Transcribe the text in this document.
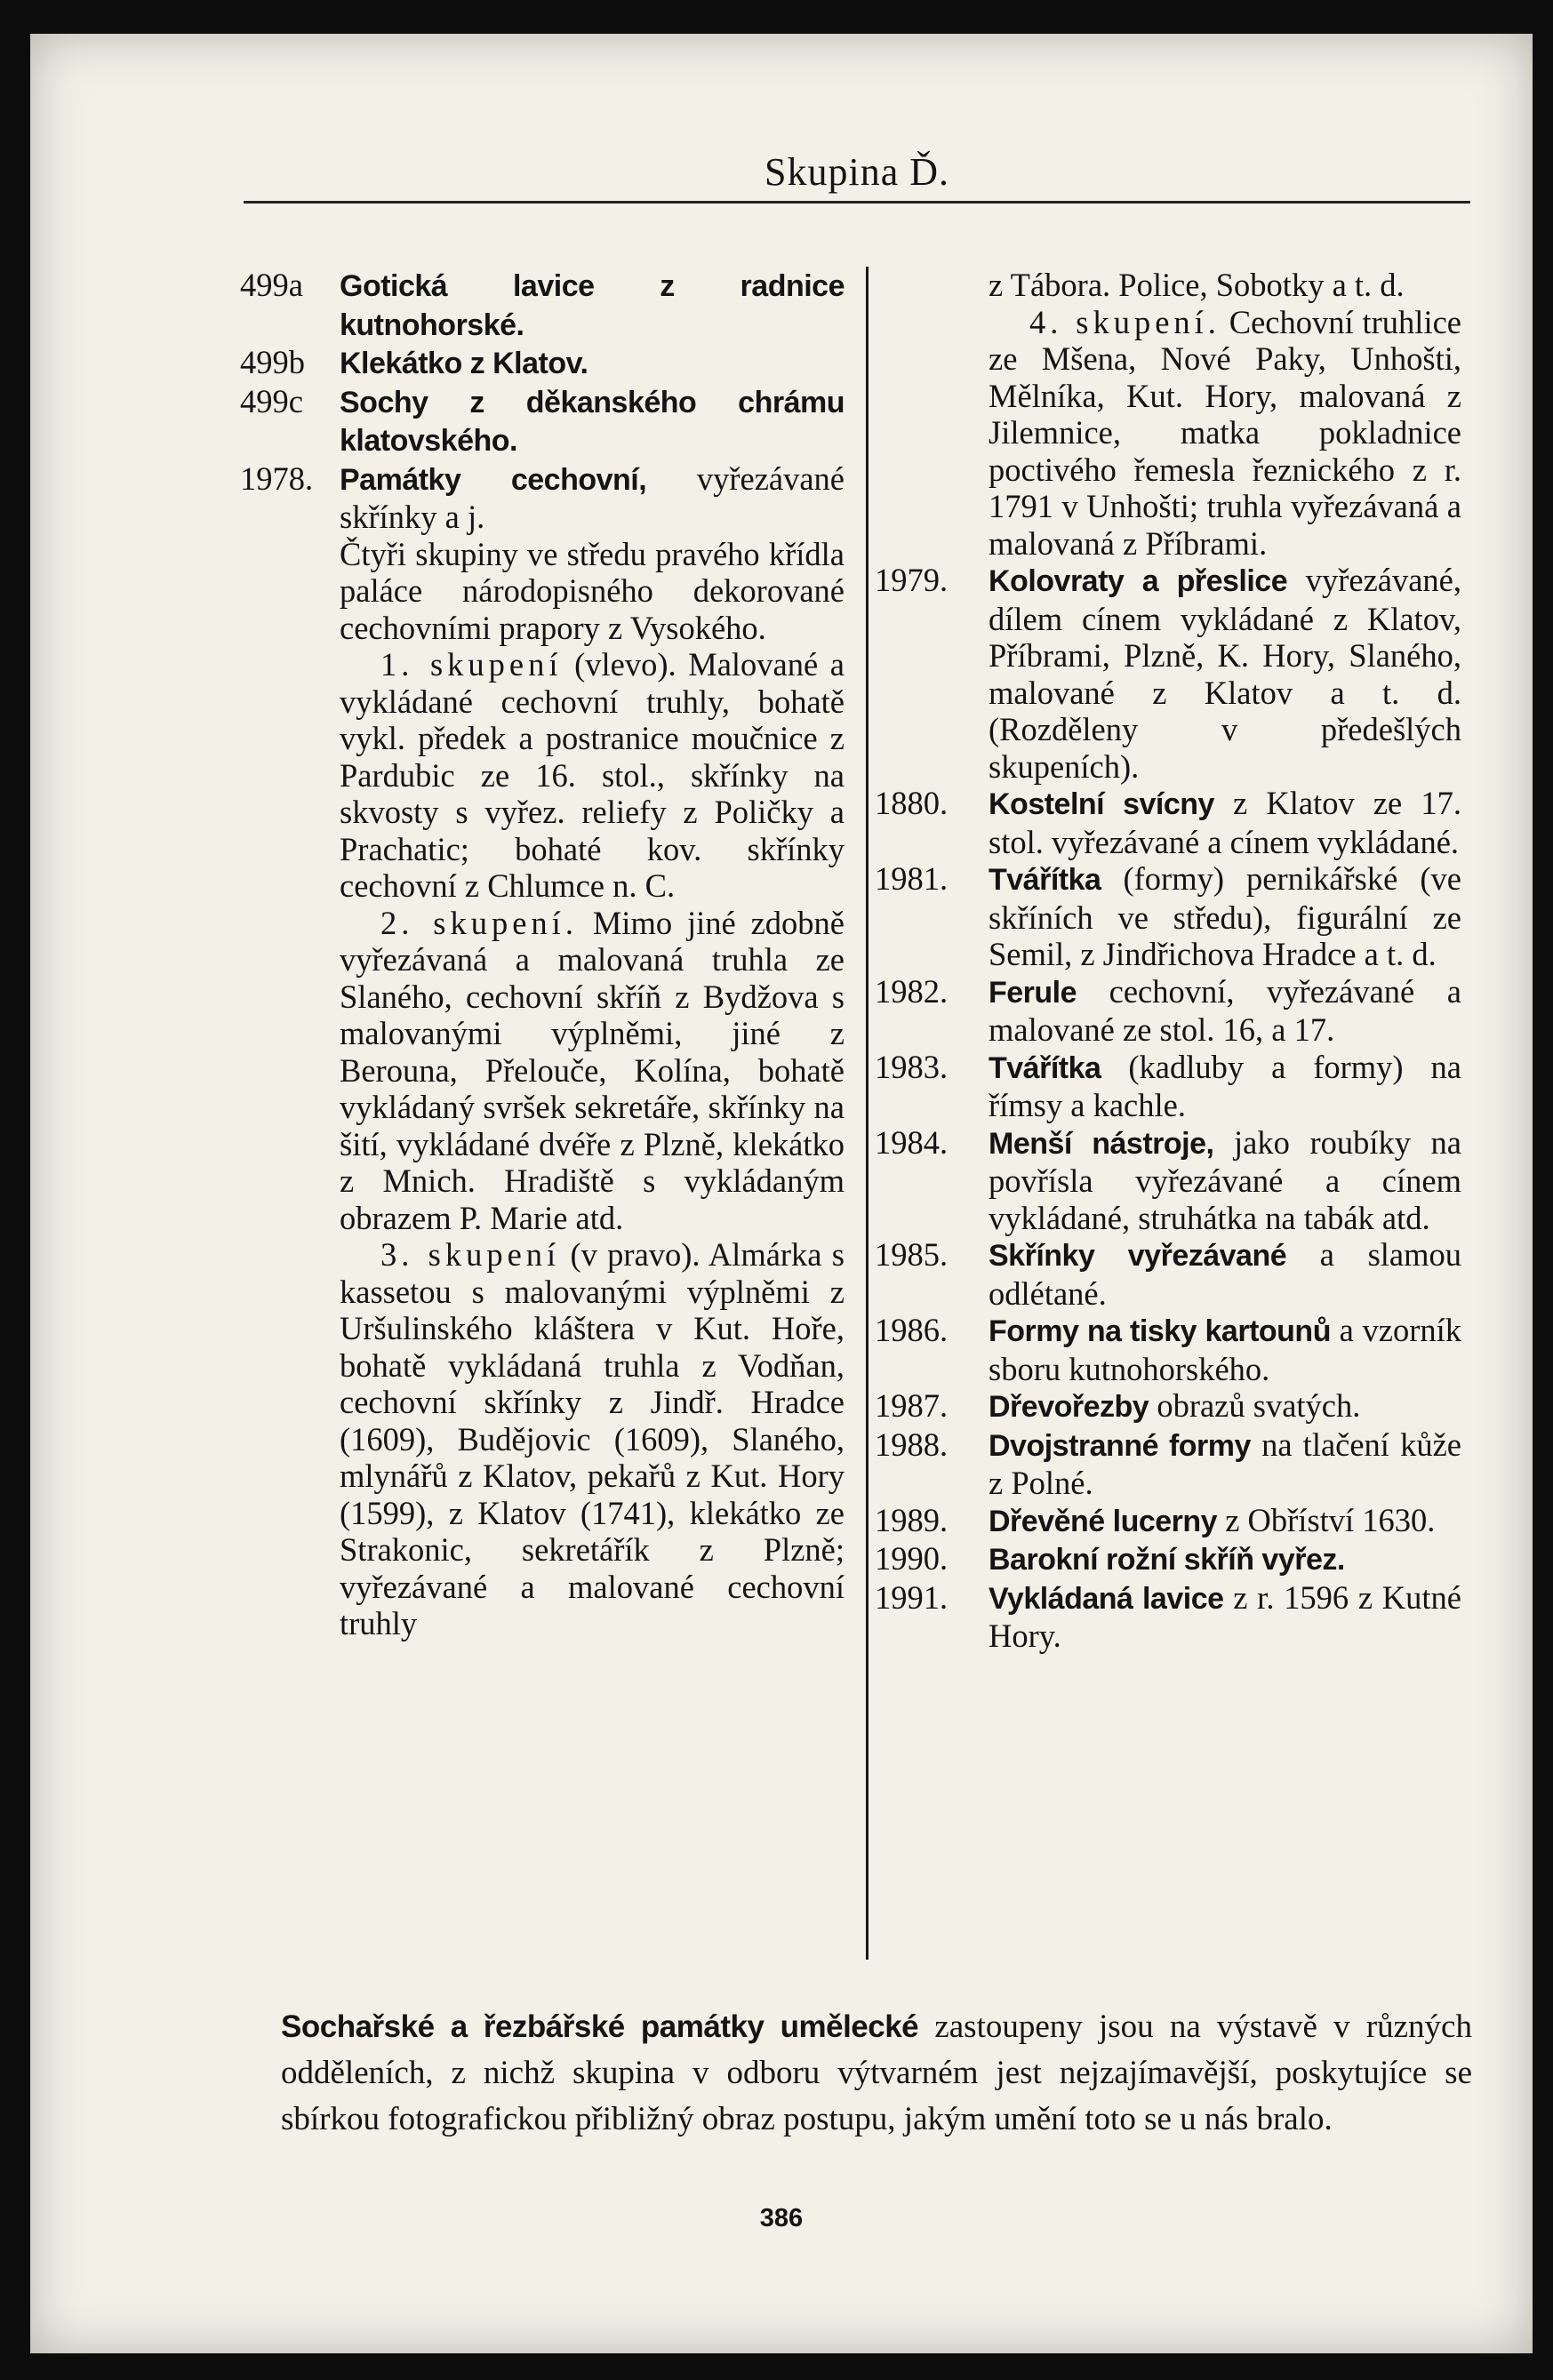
Skupina Ď.
499a	Gotická lavice z radnice kutnohorské.
499b	Klekátko z Klatov.
499c	Sochy z děkanského chrámu klatovského.
1978. Památky cechovní, vyřezávané skřínky a j.

Čtyři skupiny ve středu pravého křídla paláce národopisného dekorované cechovními prapory z Vysokého.

1. skupení (vlevo). Malované a vykládané cechovní truhly, bohatě vykl. předek a postranice moučnice z Pardubic ze 16. stol., skřínky na skvosty s vyřez. reliefy z Poličky a Prachatic; bohaté kov. skřínky cechovní z Chlumce n. C.

2. skupení. Mimo jiné zdobně vyřezávaná a malovaná truhla ze Slaného, cechovní skříň z Bydžova s malovanými výplněmi, jiné z Berouna, Přelouče, Kolína, bohatě vykládaný svršek sekretáře, skřínky na šití, vykládané dvéře z Plzně, klekátko z Mnich. Hradiště s vykládaným obrazem P. Marie atd.

3. skupení (v pravo). Almárka s kassetou s malovanými výplněmi z Uršulinského kláštera v Kut. Hoře, bohatě vykládaná truhla z Vodňan, cechovní skřínky z Jindř. Hradce (1609), Budějovic (1609), Slaného, mlynářů z Klatov, pekařů z Kut. Hory (1599), z Klatov (1741), klekátko ze Strakonic, sekretářík z Plzně; vyřezávané a malované cechovní truhly

z Tábora. Police, Sobotky a t. d.

4. skupení. Cechovní truhlice ze Mšena, Nové Paky, Unhošti, Mělníka, Kut. Hory, malovaná z Jilemnice, matka pokladnice poctivého řemesla řeznického z r. 1791 v Unhošti; truhla vyřezávaná a malovaná z Příbrami.

1979.	Kolovraty a přeslice vyřezávané, dílem cínem vykládané z Klatov, Příbrami, Plzně, K. Hory, Slaného, malované z Klatov a t. d. (Rozděleny v předešlých skupeních).

1880.	Kostelní svícny z Klatov ze 17. stol. vyřezávané a cínem vykládané.

1981.	Tvářítka (formy) pernikářské (ve skříních ve středu), figurální ze Semil, z Jindřichova Hradce a t. d.

1982.	Ferule cechovní, vyřezávané a malované ze stol. 16, a 17.

1983.	Tvářítka (kadluby a formy) na římsy a kachle.

1984.	Menší nástroje, jako roubíky na povřísla vyřezávané a cínem vykládané, struhátka na tabák atd.

1985.	Skřínky vyřezávané a slamou odlétané.

1986.	Formy na tisky kartounů a vzorník sboru kutnohorského.

1987.	Dřevořezby obrazů svatých.

1988.	Dvojstranné formy na tlačení kůže z Polné.

1989.	Dřevěné lucerny z Obříství 1630.

1990.	Barokní rožní skříň vyřez.

1991.	Vykládaná lavice z r. 1596 z Kutné Hory.

Sochařské a řezbářské památky umělecké zastoupeny jsou na výstavě v různých odděleních, z nichž skupina v odboru výtvarném jest nejzajímavější, poskytujíce se sbírkou fotografickou přibližný obraz postupu, jakým umění toto se u nás bralo.

386
